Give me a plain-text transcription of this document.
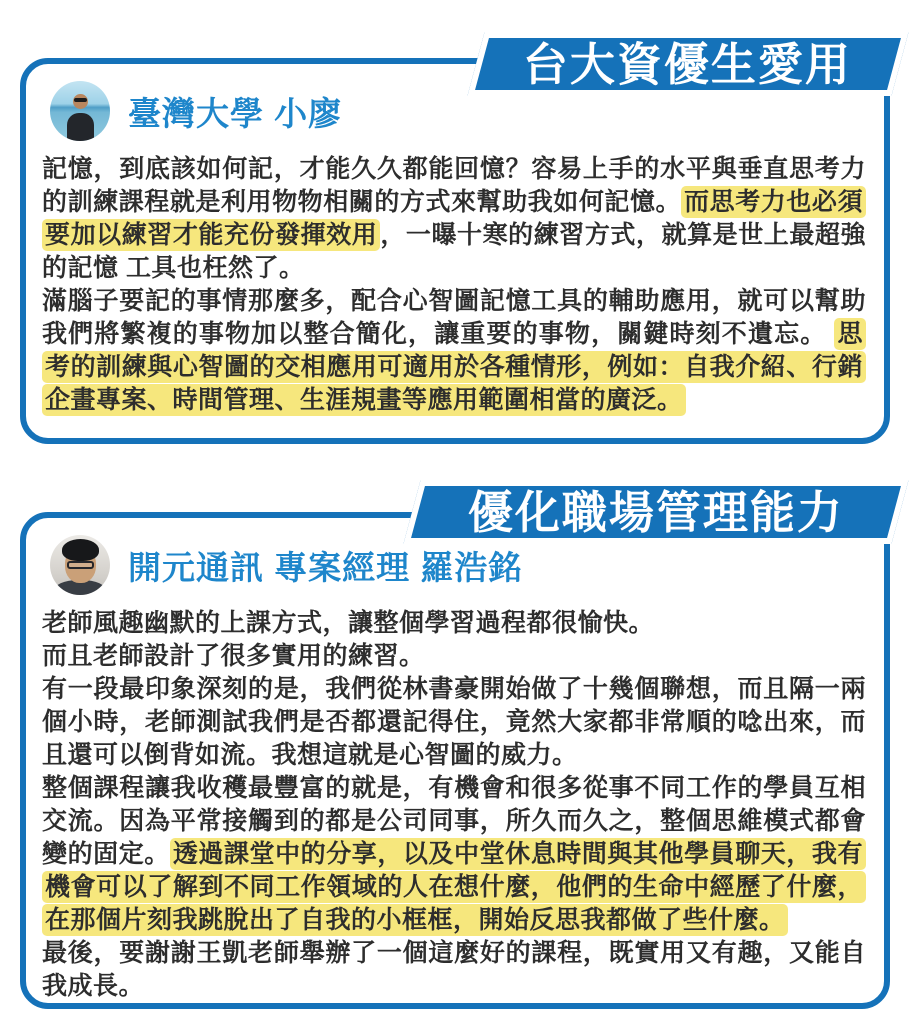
台大資優生愛用
臺灣大學 小廖

記憶，到底該如何記，才能久久都能回憶？容易上手的水平與垂直思考力的訓練課程就是利用物物相關的方式來幫助我如何記憶。 而思考力也必須要加以練習才能充份發揮效用 ，一曝十寒的練習方式，就算是世上最超強的記憶 工具也枉然了。

滿腦子要記的事情那麼多，配合心智圖記憶工具的輔助應用，就可以幫助我們將繁複的事物加以整合簡化，讓重要的事物，關鍵時刻不遺忘。 思考的訓練與心智圖的交相應用可適用於各種情形，例如：自我介紹、行銷企畫專案、時間管理、生涯規畫等應用範圍相當的廣泛。

優化職場管理能力
開元通訊 專案經理 羅浩銘

老師風趣幽默的上課方式，讓整個學習過程都很愉快。

而且老師設計了很多實用的練習。

有一段最印象深刻的是，我們從林書豪開始做了十幾個聯想，而且隔一兩個小時，老師測試我們是否都還記得住，竟然大家都非常順的唸出來，而且還可以倒背如流。我想這就是心智圖的威力。

整個課程讓我收穫最豐富的就是，有機會和很多從事不同工作的學員互相交流。因為平常接觸到的都是公司同事，所久而久之，整個思維模式都會變的固定。 透過課堂中的分享，以及中堂休息時間與其他學員聊天，我有機會可以了解到不同工作領域的人在想什麼，他們的生命中經歷了什麼，在那個片刻我跳脫出了自我的小框框，開始反思我都做了些什麼。

最後，要謝謝王凱老師舉辦了一個這麼好的課程，既實用又有趣，又能自我成長。
